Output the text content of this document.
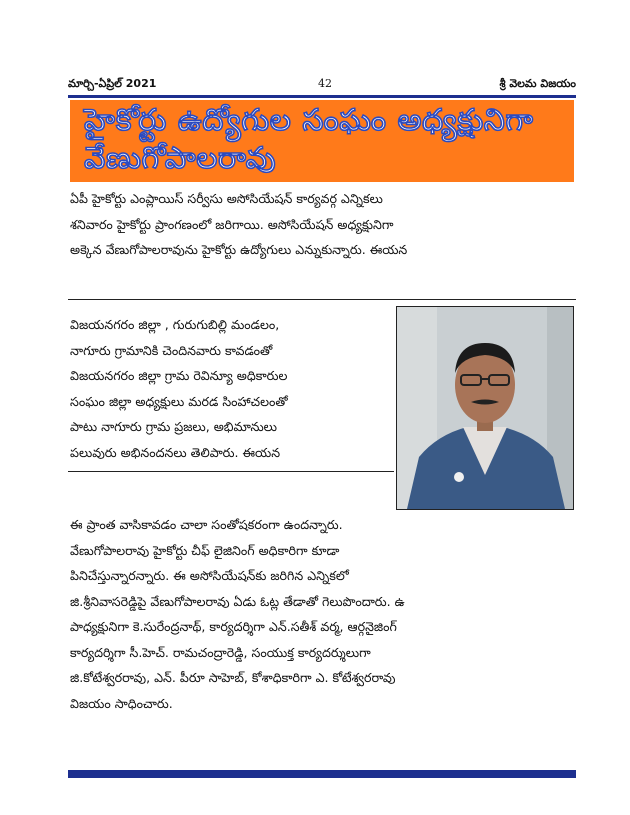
మార్చి-ఏప్రిల్ 2021	42	శ్రీ వెలమ విజయం
హైకోర్టు ఉద్యోగుల సంఘం అధ్యక్షునిగా
వేణుగోపాలరావు
ఏపీ హైకోర్టు ఎంప్లాయిస్ సర్వీసు అసోసియేషన్ కార్యవర్గ ఎన్నికలు
శనివారం హైకోర్టు ప్రాంగణంలో జరిగాయి. అసోసియేషన్ అధ్యక్షునిగా
అక్కెన వేణుగోపాలరావును హైకోర్టు ఉద్యోగులు ఎన్నుకున్నారు. ఈయన
విజయనగరం జిల్లా , గురుగుబిల్లి మండలం,
నాగూరు గ్రామానికి చెందినవారు కావడంతో
విజయనగరం జిల్లా గ్రామ రెవిన్యూ అధికారుల
సంఘం జిల్లా అధ్యక్షులు మరడ సింహాచలంతో
పాటు నాగూరు గ్రామ ప్రజలు, అభిమానులు
పలువురు అభినందనలు తెలిపారు. ఈయన
ఈ ప్రాంత వాసికావడం చాలా సంతోషకరంగా ఉందన్నారు.
వేణుగోపాలరావు హైకోర్టు చీఫ్ లైజినింగ్ అధికారిగా కూడా
పినిచేస్తున్నారన్నారు. ఈ అసోసియేషన్‌కు జరిగిన ఎన్నికలో
జి.శ్రీనివాసరెడ్డిపై వేణుగోపాలరావు ఏడు ఓట్ల తేడాతో గెలుపొందారు. ఉ
పాధ్యక్షునిగా కె.సురేంద్రనాథ్, కార్యదర్శిగా ఎన్.సతీశ్ వర్మ, ఆర్గనైజింగ్
కార్యదర్శిగా సీ.హెచ్. రామచంద్రారెడ్డి, సంయుక్త కార్యదర్శులుగా
జి.కోటేశ్వరరావు, ఎన్. పీరూ సాహెబ్, కోశాధికారిగా ఎ. కోటేశ్వరరావు
విజయం సాధించారు.
